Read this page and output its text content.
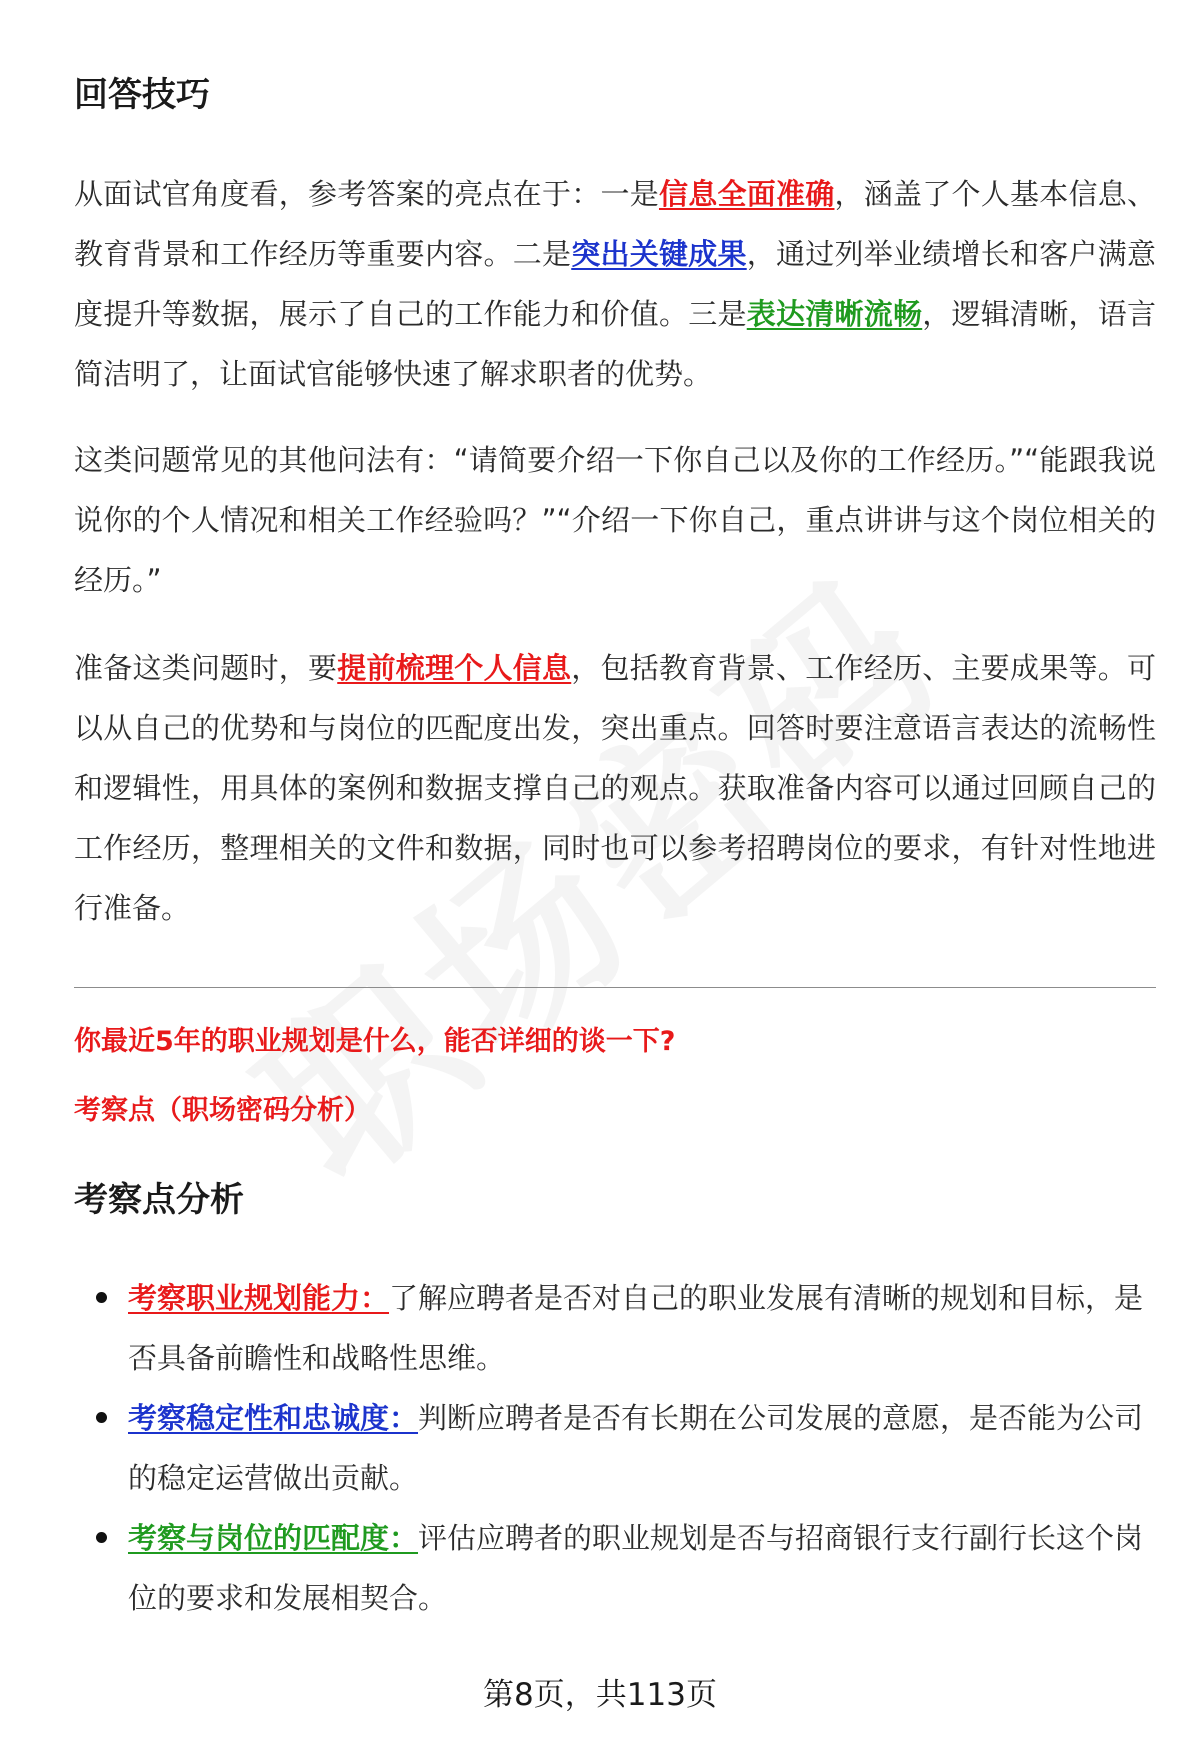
回答技巧

从面试官角度看，参考答案的亮点在于：一是信息全面准确，涵盖了个人基本信息、教育背景和工作经历等重要内容。二是突出关键成果，通过列举业绩增长和客户满意度提升等数据，展示了自己的工作能力和价值。三是表达清晰流畅，逻辑清晰，语言简洁明了，让面试官能够快速了解求职者的优势。

这类问题常见的其他问法有：“请简要介绍一下你自己以及你的工作经历。”“能跟我说说你的个人情况和相关工作经验吗？”“介绍一下你自己，重点讲讲与这个岗位相关的经历。”

准备这类问题时，要提前梳理个人信息，包括教育背景、工作经历、主要成果等。可以从自己的优势和与岗位的匹配度出发，突出重点。回答时要注意语言表达的流畅性和逻辑性，用具体的案例和数据支撑自己的观点。获取准备内容可以通过回顾自己的工作经历，整理相关的文件和数据，同时也可以参考招聘岗位的要求，有针对性地进行准备。

你最近5年的职业规划是什么，能否详细的谈一下?

考察点（职场密码分析）

考察点分析
考察职业规划能力：了解应聘者是否对自己的职业发展有清晰的规划和目标，是否具备前瞻性和战略性思维。
考察稳定性和忠诚度：判断应聘者是否有长期在公司发展的意愿，是否能为公司的稳定运营做出贡献。
考察与岗位的匹配度：评估应聘者的职业规划是否与招商银行支行副行长这个岗位的要求和发展相契合。
第8页，共113页
